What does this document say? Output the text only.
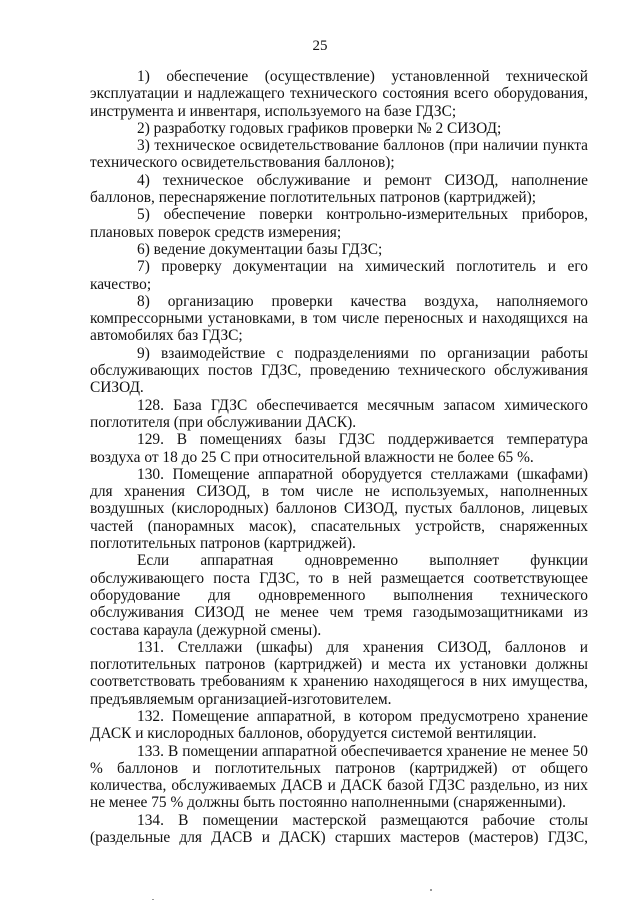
25

1) обеспечение (осуществление) установленной технической эксплуатации и надлежащего технического состояния всего оборудования, инструмента и инвентаря, используемого на базе ГДЗС;

2) разработку годовых графиков проверки № 2 СИЗОД;

3) техническое освидетельствование баллонов (при наличии пункта технического освидетельствования баллонов);

4) техническое обслуживание и ремонт СИЗОД, наполнение баллонов, переснаряжение поглотительных патронов (картриджей);

5) обеспечение поверки контрольно-измерительных приборов, плановых поверок средств измерения;

6) ведение документации базы ГДЗС;

7) проверку документации на химический поглотитель и его качество;

8) организацию проверки качества воздуха, наполняемого компрессорными установками, в том числе переносных и находящихся на автомобилях баз ГДЗС;

9) взаимодействие с подразделениями по организации работы обслуживающих постов ГДЗС, проведению технического обслуживания СИЗОД.

128. База ГДЗС обеспечивается месячным запасом химического поглотителя (при обслуживании ДАСК).

129. В помещениях базы ГДЗС поддерживается температура воздуха от 18 до 25 С при относительной влажности не более 65 %.

130. Помещение аппаратной оборудуется стеллажами (шкафами) для хранения СИЗОД, в том числе не используемых, наполненных воздушных (кислородных) баллонов СИЗОД, пустых баллонов, лицевых частей (панорамных масок), спасательных устройств, снаряженных поглотительных патронов (картриджей).

Если аппаратная одновременно выполняет функции обслуживающего поста ГДЗС, то в ней размещается соответствующее оборудование для одновременного выполнения технического обслуживания СИЗОД не менее чем тремя газодымозащитниками из состава караула (дежурной смены).

131. Стеллажи (шкафы) для хранения СИЗОД, баллонов и поглотительных патронов (картриджей) и места их установки должны соответствовать требованиям к хранению находящегося в них имущества, предъявляемым организацией-изготовителем.

132. Помещение аппаратной, в котором предусмотрено хранение ДАСК и кислородных баллонов, оборудуется системой вентиляции.

133. В помещении аппаратной обеспечивается хранение не менее 50 % баллонов и поглотительных патронов (картриджей) от общего количества, обслуживаемых ДАСВ и ДАСК базой ГДЗС раздельно, из них не менее 75 % должны быть постоянно наполненными (снаряженными).

134. В помещении мастерской размещаются рабочие столы (раздельные для ДАСВ и ДАСК) старших мастеров (мастеров) ГДЗС,
